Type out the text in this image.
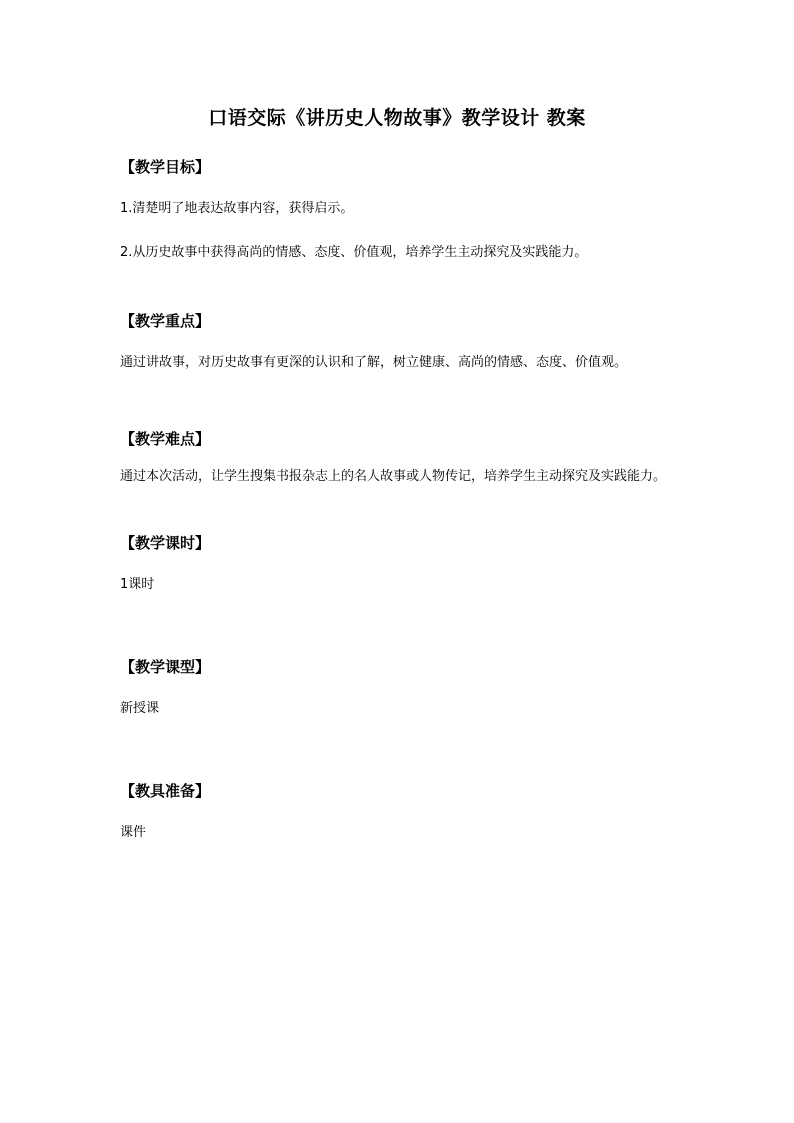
口语交际《讲历史人物故事》教学设计 教案
【教学目标】
1.清楚明了地表达故事内容，获得启示。
2.从历史故事中获得高尚的情感、态度、价值观，培养学生主动探究及实践能力。
【教学重点】
通过讲故事，对历史故事有更深的认识和了解，树立健康、高尚的情感、态度、价值观。
【教学难点】
通过本次活动，让学生搜集书报杂志上的名人故事或人物传记，培养学生主动探究及实践能力。
【教学课时】
1课时
【教学课型】
新授课
【教具准备】
课件
